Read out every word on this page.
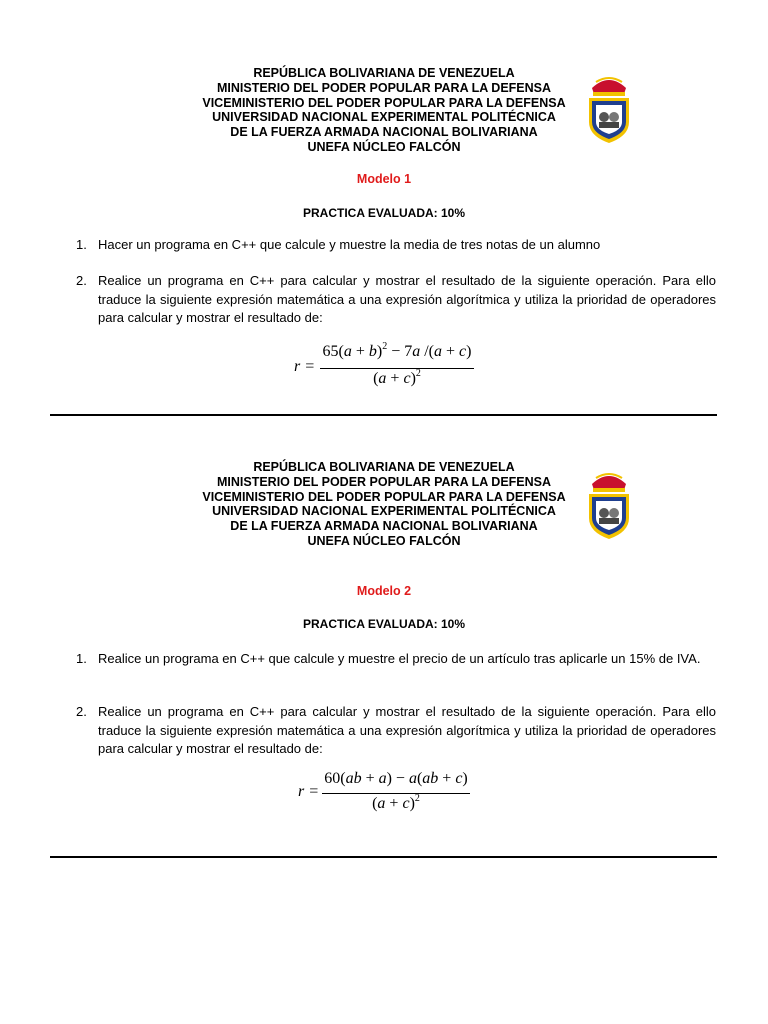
REPÚBLICA BOLIVARIANA DE VENEZUELA
MINISTERIO DEL PODER POPULAR PARA LA DEFENSA
VICEMINISTERIO DEL PODER POPULAR PARA LA DEFENSA
UNIVERSIDAD NACIONAL EXPERIMENTAL POLITÉCNICA
DE LA FUERZA ARMADA NACIONAL BOLIVARIANA
UNEFA NÚCLEO FALCÓN
Modelo 1
PRACTICA EVALUADA: 10%
1. Hacer un programa en C++ que calcule y muestre la media de tres notas de un alumno
2. Realice un programa en C++ para calcular y mostrar el resultado de la siguiente operación. Para ello traduce la siguiente expresión matemática a una expresión algorítmica y utiliza la prioridad de operadores para calcular y mostrar el resultado de:
r =
$65(a + b)^2 - 7a$ /(a + c)
$(a + c)^2$
REPÚBLICA BOLIVARIANA DE VENEZUELA
MINISTERIO DEL PODER POPULAR PARA LA DEFENSA
VICEMINISTERIO DEL PODER POPULAR PARA LA DEFENSA
UNIVERSIDAD NACIONAL EXPERIMENTAL POLITÉCNICA
DE LA FUERZA ARMADA NACIONAL BOLIVARIANA
UNEFA NÚCLEO FALCÓN
Modelo 2
PRACTICA EVALUADA: 10%
1. Realice un programa en C++ que calcule y muestre el precio de un artículo tras aplicarle un 15% de IVA.
2. Realice un programa en C++ para calcular y mostrar el resultado de la siguiente operación. Para ello traduce la siguiente expresión matemática a una expresión algorítmica y utiliza la prioridad de operadores para calcular y mostrar el resultado de:
r =
60(ab + a) − a(ab + c)
$(a + c)^2$
